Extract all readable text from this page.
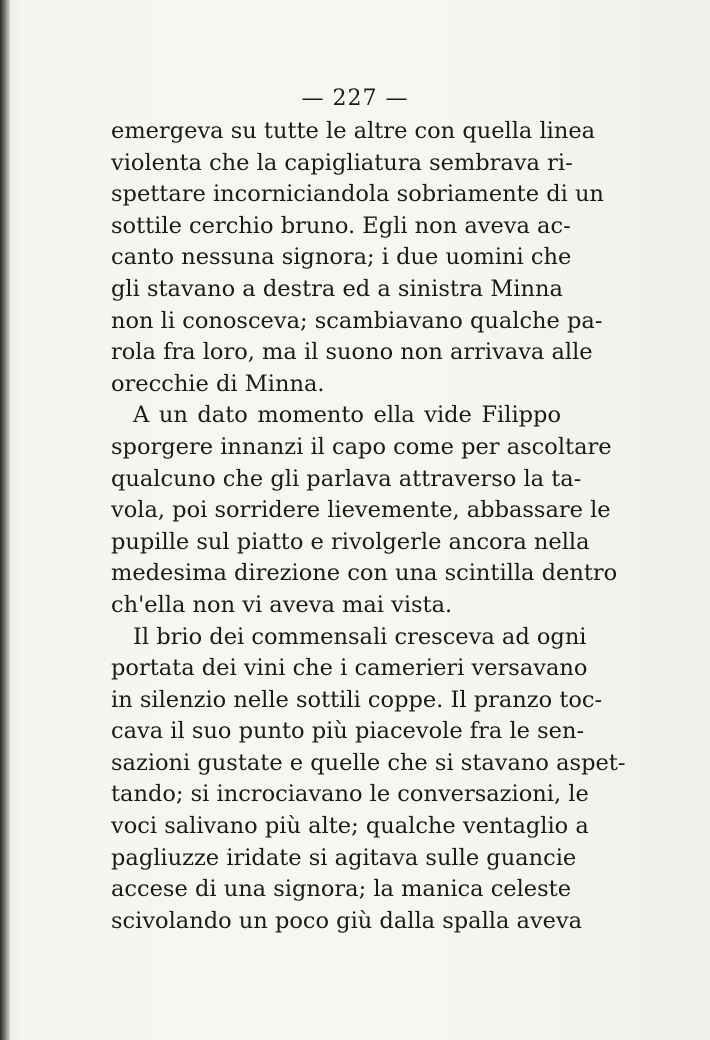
— 227 —
emergeva su tutte le altre con quella linea
violenta che la capigliatura sembrava ri-
spettare incorniciandola sobriamente di un
sottile cerchio bruno. Egli non aveva ac-
canto nessuna signora; i due uomini che
gli stavano a destra ed a sinistra Minna
non li conosceva; scambiavano qualche pa-
rola fra loro, ma il suono non arrivava alle
orecchie di Minna.
A un dato momento ella vide Filippo
sporgere innanzi il capo come per ascoltare
qualcuno che gli parlava attraverso la ta-
vola, poi sorridere lievemente, abbassare le
pupille sul piatto e rivolgerle ancora nella
medesima direzione con una scintilla dentro
ch'ella non vi aveva mai vista.
Il brio dei commensali cresceva ad ogni
portata dei vini che i camerieri versavano
in silenzio nelle sottili coppe. Il pranzo toc-
cava il suo punto più piacevole fra le sen-
sazioni gustate e quelle che si stavano aspet-
tando; si incrociavano le conversazioni, le
voci salivano più alte; qualche ventaglio a
pagliuzze iridate si agitava sulle guancie
accese di una signora; la manica celeste
scivolando un poco giù dalla spalla aveva
